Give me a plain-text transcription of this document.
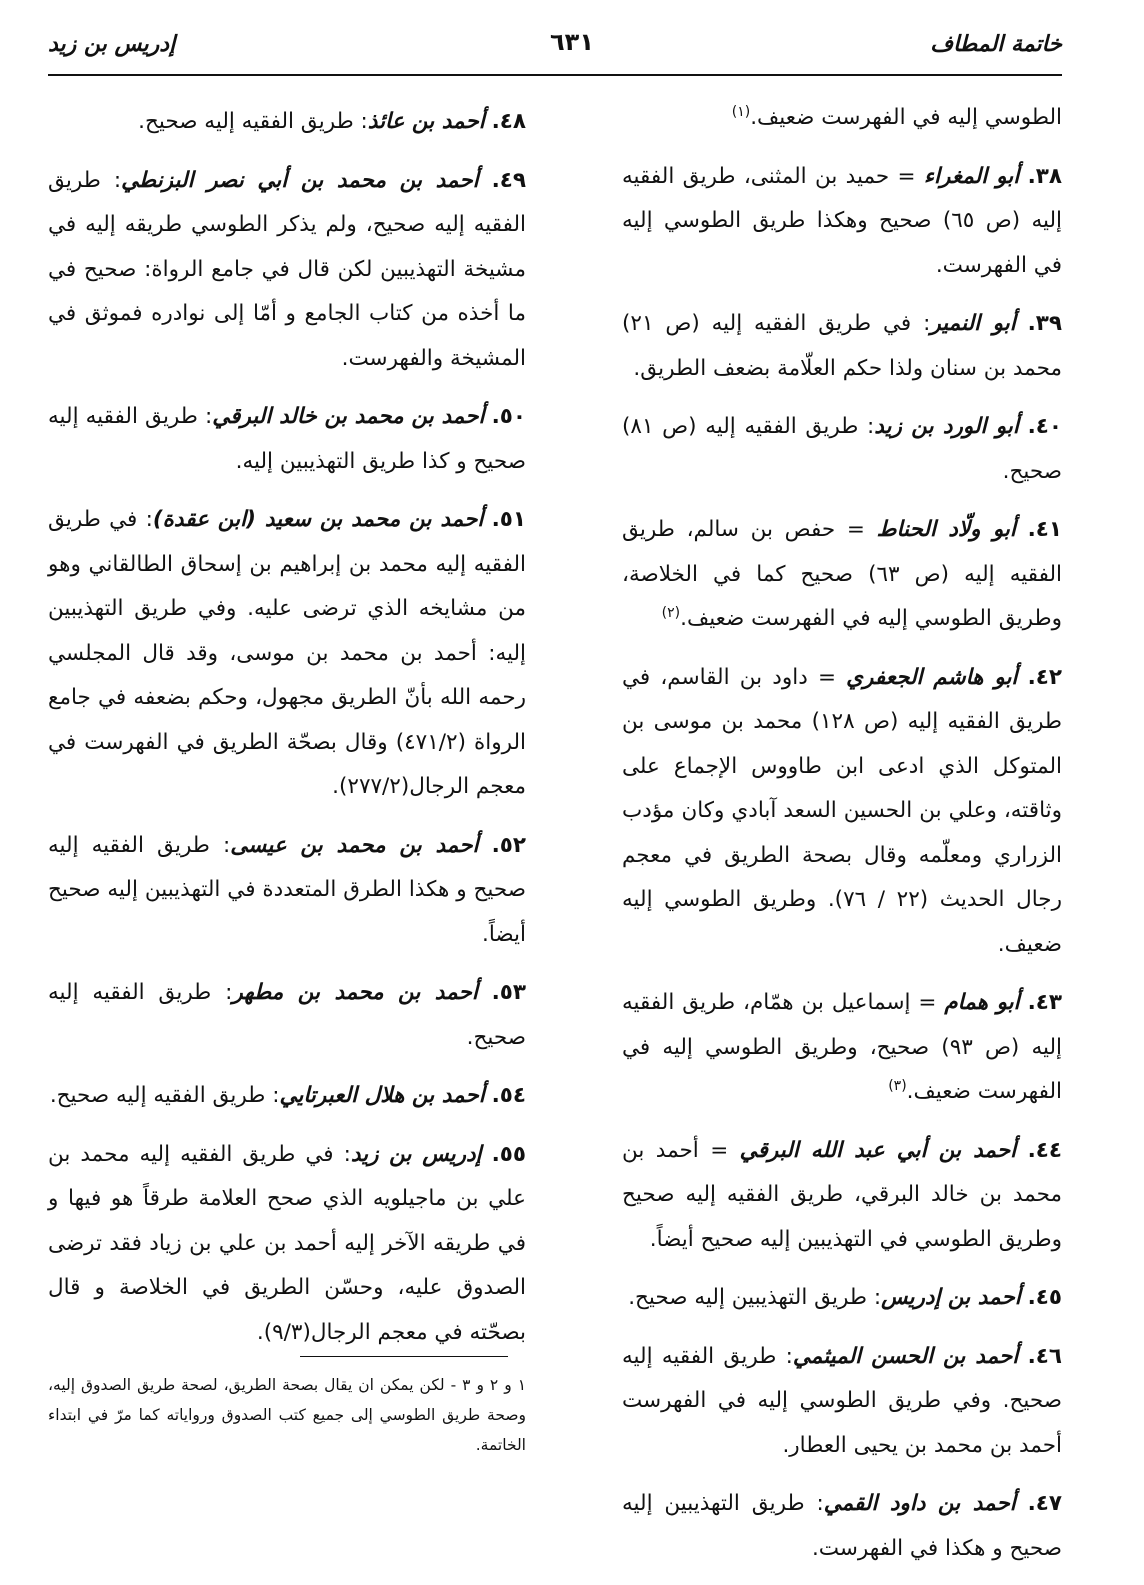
خاتمة المطاف
٦٣١
إدريس بن زيد

الطوسي إليه في الفهرست ضعيف.$^{(١)}$

٣٨. أبو المغراء = حميد بن المثنى، طريق الفقيه إليه (ص ٦٥) صحيح وهكذا طريق الطوسي إليه في الفهرست.

٣٩. أبو النمير: في طريق الفقيه إليه (ص ٢١) محمد بن سنان ولذا حكم العلّامة بضعف الطريق.

٤٠. أبو الورد بن زيد: طريق الفقيه إليه (ص ٨١) صحيح.

٤١. أبو ولّاد الحناط = حفص بن سالم، طريق الفقيه إليه (ص ٦٣) صحيح كما في الخلاصة، وطريق الطوسي إليه في الفهرست ضعيف.$^{(٢)}$

٤٢. أبو هاشم الجعفري = داود بن القاسم، في طريق الفقيه إليه (ص ١٢٨) محمد بن موسى بن المتوكل الذي ادعى ابن طاووس الإجماع على وثاقته، وعلي بن الحسين السعد آبادي وكان مؤدب الزراري ومعلّمه وقال بصحة الطريق في معجم رجال الحديث (٢٢ / ٧٦). وطريق الطوسي إليه ضعيف.

٤٣. أبو همام = إسماعيل بن همّام، طريق الفقيه إليه (ص ٩٣) صحيح، وطريق الطوسي إليه في الفهرست ضعيف.$^{(٣)}$

٤٤. أحمد بن أبي عبد الله البرقي = أحمد بن محمد بن خالد البرقي، طريق الفقيه إليه صحيح وطريق الطوسي في التهذيبين إليه صحيح أيضاً.

٤٥. أحمد بن إدريس: طريق التهذيبين إليه صحيح.

٤٦. أحمد بن الحسن الميثمي: طريق الفقيه إليه صحيح. وفي طريق الطوسي إليه في الفهرست أحمد بن محمد بن يحيى العطار.

٤٧. أحمد بن داود القمي: طريق التهذيبين إليه صحيح و هكذا في الفهرست.

٤٨. أحمد بن عائذ: طريق الفقيه إليه صحيح.

٤٩. أحمد بن محمد بن أبي نصر البزنطي: طريق الفقيه إليه صحيح، ولم يذكر الطوسي طريقه إليه في مشيخة التهذيبين لكن قال في جامع الرواة: صحيح في ما أخذه من كتاب الجامع و أمّا إلى نوادره فموثق في المشيخة والفهرست.

٥٠. أحمد بن محمد بن خالد البرقي: طريق الفقيه إليه صحيح و كذا طريق التهذيبين إليه.

٥١. أحمد بن محمد بن سعيد (ابن عقدة): في طريق الفقيه إليه محمد بن إبراهيم بن إسحاق الطالقاني وهو من مشايخه الذي ترضى عليه. وفي طريق التهذيبين إليه: أحمد بن محمد بن موسى، وقد قال المجلسي رحمه الله بأنّ الطريق مجهول، وحكم بضعفه في جامع الرواة (٤٧١/٢) وقال بصحّة الطريق في الفهرست في معجم الرجال(٢٧٧/٢).

٥٢. أحمد بن محمد بن عيسى: طريق الفقيه إليه صحيح و هكذا الطرق المتعددة في التهذيبين إليه صحيح أيضاً.

٥٣. أحمد بن محمد بن مطهر: طريق الفقيه إليه صحيح.

٥٤. أحمد بن هلال العبرتايي: طريق الفقيه إليه صحيح.

٥٥. إدريس بن زيد: في طريق الفقيه إليه محمد بن علي بن ماجيلويه الذي صحح العلامة طرقاً هو فيها و في طريقه الآخر إليه أحمد بن علي بن زياد فقد ترضى الصدوق عليه، وحسّن الطريق في الخلاصة و قال بصحّته في معجم الرجال(٩/٣).

١ و ٢ و ٣ - لكن يمكن ان يقال بصحة الطريق، لصحة طريق الصدوق إليه، وصحة طريق الطوسي إلى جميع كتب الصدوق ورواياته كما مرّ في ابتداء الخاتمة.
